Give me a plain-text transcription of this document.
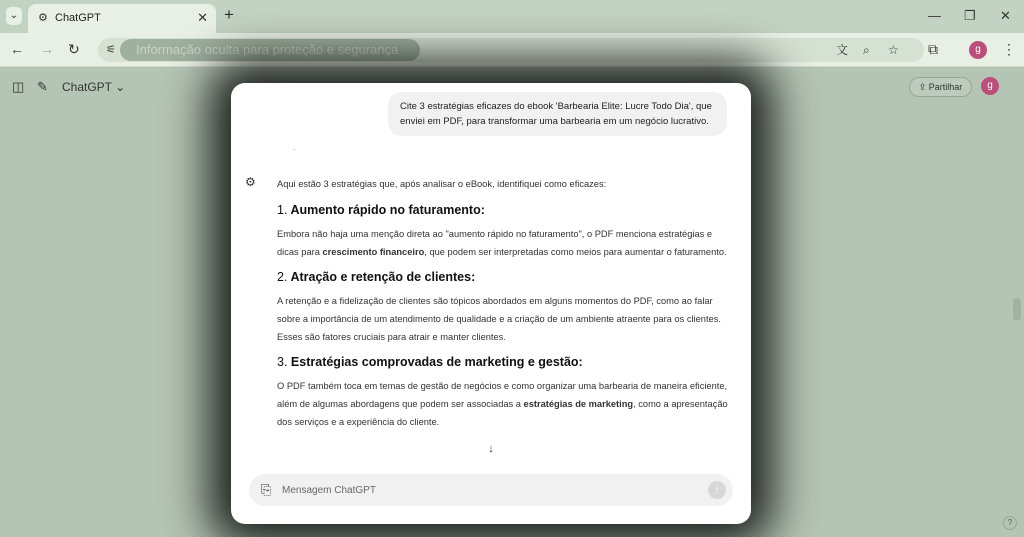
⌄	⚙ ChatGPT	✕ +	— ❐ ✕
← → ↻ ⚟	Informação oculta para proteção e segurança	文 ⌕ ☆ ⧉	g	⋮
◫ ✎ ChatGPT ⌄	⇪ Partilhar	g
?
Cite 3 estratégias eficazes do ebook 'Barbearia Elite: Lucre Todo Dia', que enviei em PDF, para transformar uma barbearia em um negócio lucrativo.
.
⚙ Aqui estão 3 estratégias que, após analisar o eBook, identifiquei como eficazes:

1. Aumento rápido no faturamento:

Embora não haja uma menção direta ao "aumento rápido no faturamento", o PDF menciona estratégias e dicas para crescimento financeiro, que podem ser interpretadas como meios para aumentar o faturamento.

2. Atração e retenção de clientes:

A retenção e a fidelização de clientes são tópicos abordados em alguns momentos do PDF, como ao falar sobre a importância de um atendimento de qualidade e a criação de um ambiente atraente para os clientes. Esses são fatores cruciais para atrair e manter clientes.

3. Estratégias comprovadas de marketing e gestão:

O PDF também toca em temas de gestão de negócios e como organizar uma barbearia de maneira eficiente, além de algumas abordagens que podem ser associadas a estratégias de marketing, como a apresentação dos serviços e a experiência do cliente.

↓
⎘
Mensagem ChatGPT	↑
